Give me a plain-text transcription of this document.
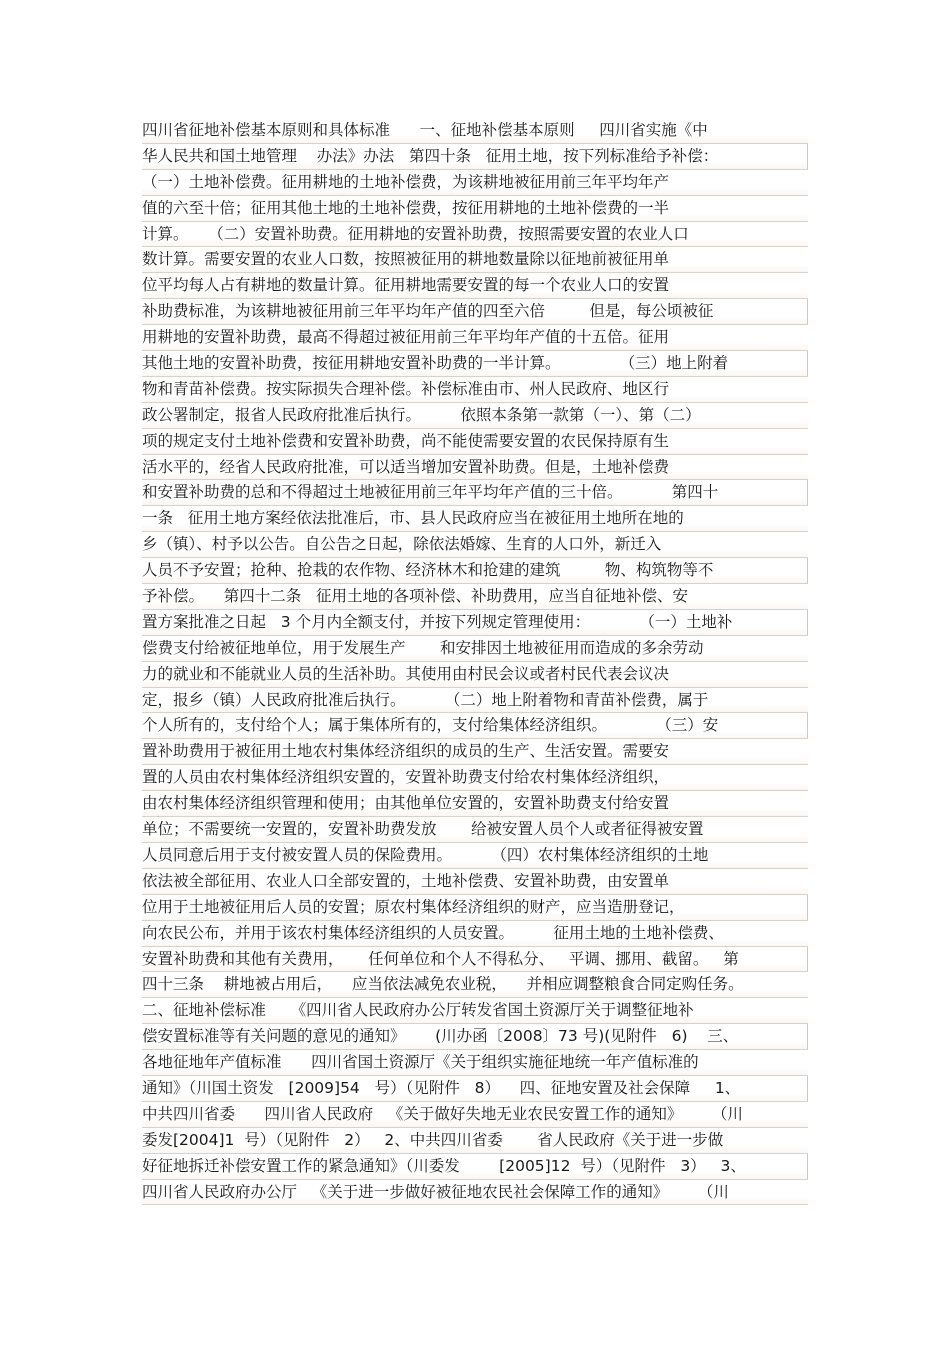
四川省征地补偿基本原则和具体标准      一、征地补偿基本原则     四川省实施《中
华人民共和国土地管理    办法》办法   第四十条   征用土地，按下列标准给予补偿：
（一）土地补偿费。征用耕地的土地补偿费，为该耕地被征用前三年平均年产
值的六至十倍；征用其他土地的土地补偿费，按征用耕地的土地补偿费的一半
计算。    （二）安置补助费。征用耕地的安置补助费，按照需要安置的农业人口
数计算。需要安置的农业人口数，按照被征用的耕地数量除以征地前被征用单
位平均每人占有耕地的数量计算。征用耕地需要安置的每一个农业人口的安置
补助费标准，为该耕地被征用前三年平均年产值的四至六倍         但是，每公顷被征
用耕地的安置补助费，最高不得超过被征用前三年平均年产值的十五倍。征用
其他土地的安置补助费，按征用耕地安置补助费的一半计算。            （三）地上附着
物和青苗补偿费。按实际损失合理补偿。补偿标准由市、州人民政府、地区行
政公署制定，报省人民政府批准后执行。        依照本条第一款第（一）、第（二）
项的规定支付土地补偿费和安置补助费，尚不能使需要安置的农民保持原有生
活水平的，经省人民政府批准，可以适当增加安置补助费。但是，土地补偿费
和安置补助费的总和不得超过土地被征用前三年平均年产值的三十倍。          第四十
一条   征用土地方案经依法批准后，市、县人民政府应当在被征用土地所在地的
乡（镇）、村予以公告。自公告之日起，除依法婚嫁、生育的人口外，新迁入
人员不予安置；抢种、抢栽的农作物、经济林木和抢建的建筑         物、构筑物等不
予补偿。    第四十二条   征用土地的各项补偿、补助费用，应当自征地补偿、安
置方案批准之日起   3 个月内全额支付，并按下列规定管理使用：          （一）土地补
偿费支付给被征地单位，用于发展生产       和安排因土地被征用而造成的多余劳动
力的就业和不能就业人员的生活补助。其使用由村民会议或者村民代表会议决
定，报乡（镇）人民政府批准后执行。        （二）地上附着物和青苗补偿费，属于
个人所有的，支付给个人；属于集体所有的，支付给集体经济组织。          （三）安
置补助费用于被征用土地农村集体经济组织的成员的生产、生活安置。需要安
置的人员由农村集体经济组织安置的，安置补助费支付给农村集体经济组织，
由农村集体经济组织管理和使用；由其他单位安置的，安置补助费支付给安置
单位；不需要统一安置的，安置补助费发放       给被安置人员个人或者征得被安置
人员同意后用于支付被安置人员的保险费用。        （四）农村集体经济组织的土地
依法被全部征用、农业人口全部安置的，土地补偿费、安置补助费，由安置单
位用于土地被征用后人员的安置；原农村集体经济组织的财产，应当造册登记，
向农民公布，并用于该农村集体经济组织的人员安置。        征用土地的土地补偿费、
安置补助费和其他有关费用，     任何单位和个人不得私分、   平调、挪用、截留。   第
四十三条    耕地被占用后，    应当依法减免农业税，    并相应调整粮食合同定购任务。
二、征地补偿标准     《四川省人民政府办公厅转发省国土资源厅关于调整征地补
偿安置标准等有关问题的意见的通知》      (川办函〔2008〕73 号)(见附件   6)    三、
各地征地年产值标准      四川省国土资源厅《关于组织实施征地统一年产值标准的
通知》（川国土资发   [2009]54   号）（见附件   8）    四、征地安置及社会保障     1、
中共四川省委      四川省人民政府   《关于做好失地无业农民安置工作的通知》      （川
委发[2004]1  号）（见附件   2）   2、中共四川省委       省人民政府《关于进一步做
好征地拆迁补偿安置工作的紧急通知》（川委发        [2005]12  号）（见附件   3）   3、
四川省人民政府办公厅   《关于进一步做好被征地农民社会保障工作的通知》      （川
